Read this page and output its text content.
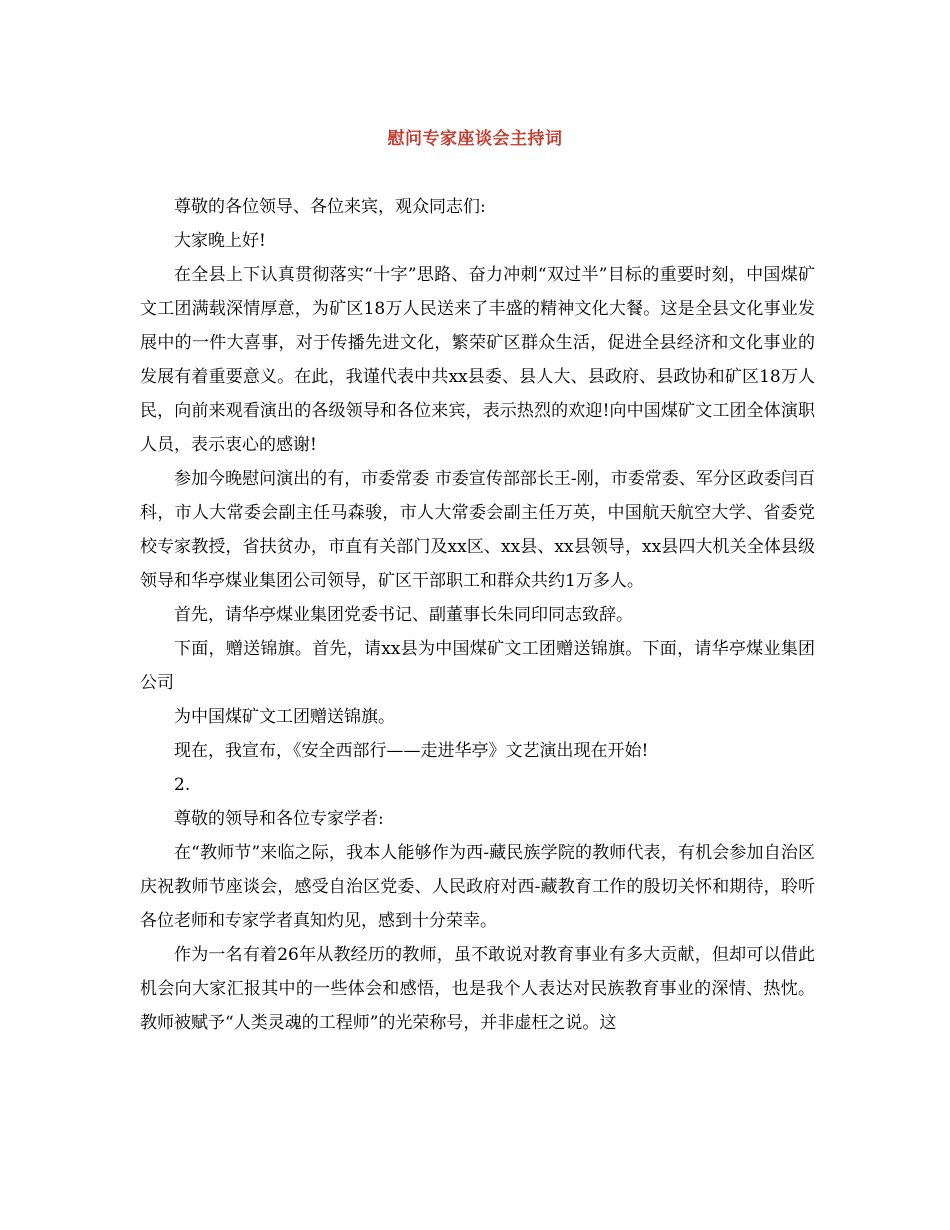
慰问专家座谈会主持词

尊敬的各位领导、各位来宾，观众同志们:

大家晚上好!

在全县上下认真贯彻落实“十字”思路、奋力冲刺“双过半”目标的重要时刻，中国煤矿文工团满载深情厚意，为矿区18万人民送来了丰盛的精神文化大餐。这是全县文化事业发展中的一件大喜事，对于传播先进文化，繁荣矿区群众生活，促进全县经济和文化事业的发展有着重要意义。在此，我谨代表中共xx县委、县人大、县政府、县政协和矿区18万人民，向前来观看演出的各级领导和各位来宾，表示热烈的欢迎!向中国煤矿文工团全体演职人员，表示衷心的感谢!

参加今晚慰问演出的有，市委常委 市委宣传部部长王-刚，市委常委、军分区政委闫百科，市人大常委会副主任马森骏，市人大常委会副主任万英，中国航天航空大学、省委党校专家教授，省扶贫办，市直有关部门及xx区、xx县、xx县领导，xx县四大机关全体县级领导和华亭煤业集团公司领导，矿区干部职工和群众共约1万多人。

首先，请华亭煤业集团党委书记、副董事长朱同印同志致辞。

下面，赠送锦旗。首先，请xx县为中国煤矿文工团赠送锦旗。下面，请华亭煤业集团公司

为中国煤矿文工团赠送锦旗。

现在，我宣布，《安全西部行——走进华亭》文艺演出现在开始!

2.

尊敬的领导和各位专家学者:

在“教师节”来临之际，我本人能够作为西-藏民族学院的教师代表，有机会参加自治区庆祝教师节座谈会，感受自治区党委、人民政府对西-藏教育工作的殷切关怀和期待，聆听各位老师和专家学者真知灼见，感到十分荣幸。

作为一名有着26年从教经历的教师，虽不敢说对教育事业有多大贡献，但却可以借此机会向大家汇报其中的一些体会和感悟，也是我个人表达对民族教育事业的深情、热忱。教师被赋予“人类灵魂的工程师”的光荣称号，并非虚枉之说。这
